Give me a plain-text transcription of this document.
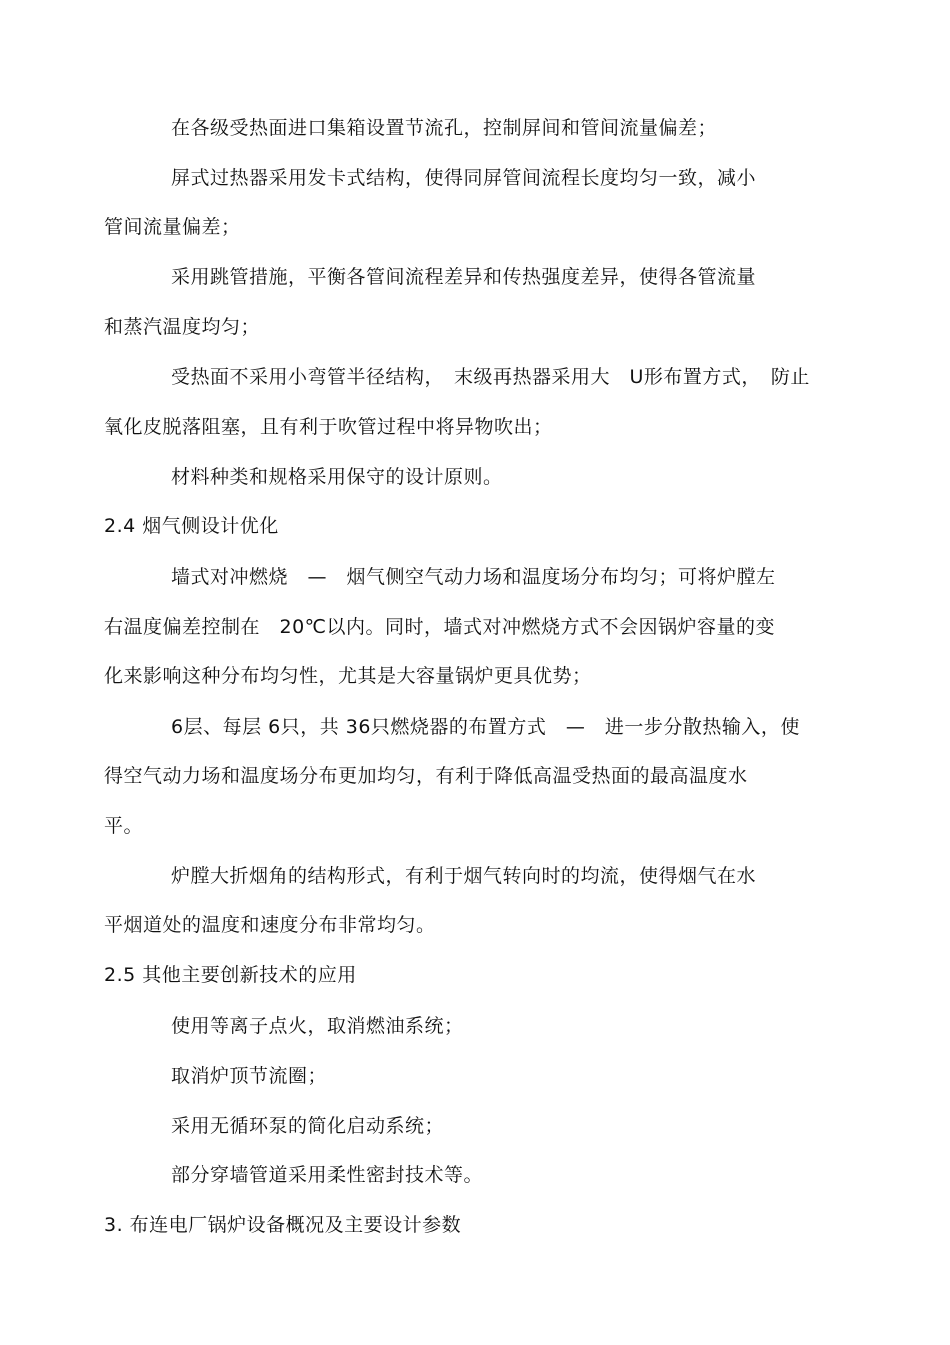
在各级受热面进口集箱设置节流孔，控制屏间和管间流量偏差；
屏式过热器采用发卡式结构，使得同屏管间流程长度均匀一致，减小
管间流量偏差；
采用跳管措施，平衡各管间流程差异和传热强度差异，使得各管流量
和蒸汽温度均匀；
受热面不采用小弯管半径结构，　末级再热器采用大　U形布置方式，　防止
氧化皮脱落阻塞，且有利于吹管过程中将异物吹出；
材料种类和规格采用保守的设计原则。
2.4 烟气侧设计优化
墙式对冲燃烧　—　烟气侧空气动力场和温度场分布均匀；可将炉膛左
右温度偏差控制在　20℃以内。同时，墙式对冲燃烧方式不会因锅炉容量的变
化来影响这种分布均匀性，尤其是大容量锅炉更具优势；
6层、每层 6只，共 36只燃烧器的布置方式　—　进一步分散热输入，使
得空气动力场和温度场分布更加均匀，有利于降低高温受热面的最高温度水
平。
炉膛大折烟角的结构形式，有利于烟气转向时的均流，使得烟气在水
平烟道处的温度和速度分布非常均匀。
2.5 其他主要创新技术的应用
使用等离子点火，取消燃油系统；
取消炉顶节流圈；
采用无循环泵的简化启动系统；
部分穿墙管道采用柔性密封技术等。
3. 布连电厂锅炉设备概况及主要设计参数
